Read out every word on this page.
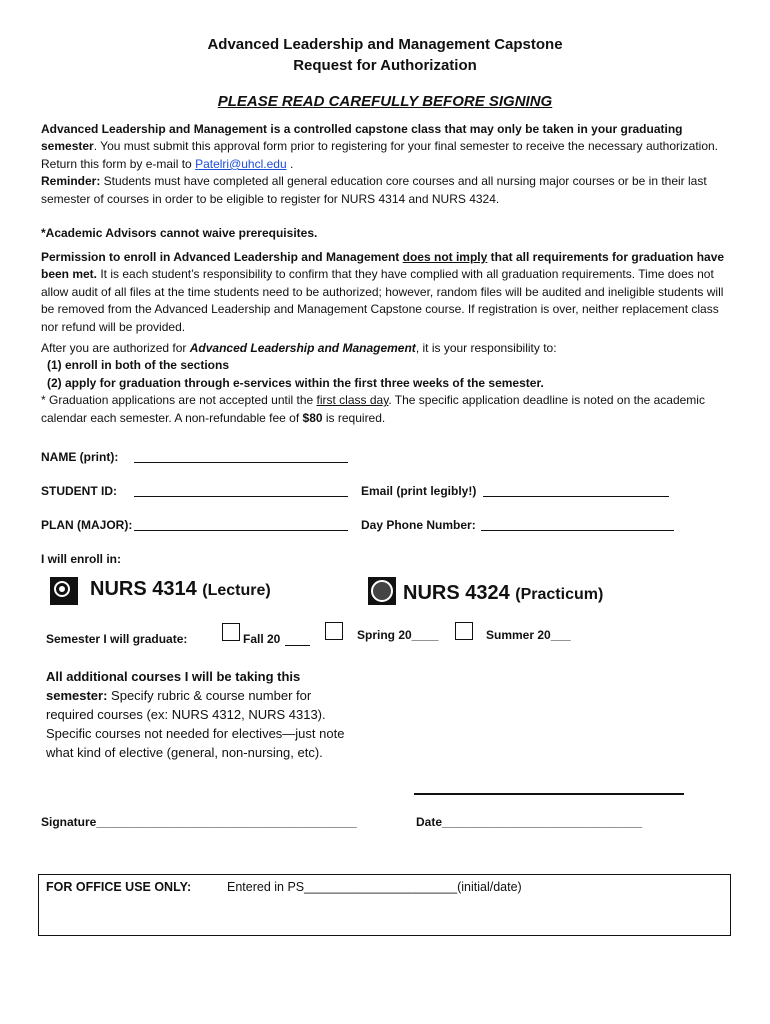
Advanced Leadership and Management Capstone
Request for Authorization
PLEASE READ CAREFULLY BEFORE SIGNING
Advanced Leadership and Management is a controlled capstone class that may only be taken in your graduating semester. You must submit this approval form prior to registering for your final semester to receive the necessary authorization. Return this form by e-mail to Patelri@uhcl.edu .
Reminder: Students must have completed all general education core courses and all nursing major courses or be in their last semester of courses in order to be eligible to register for NURS 4314 and NURS 4324.
*Academic Advisors cannot waive prerequisites.
Permission to enroll in Advanced Leadership and Management does not imply that all requirements for graduation have been met. It is each student’s responsibility to confirm that they have complied with all graduation requirements. Time does not allow audit of all files at the time students need to be authorized; however, random files will be audited and ineligible students will be removed from the Advanced Leadership and Management Capstone course. If registration is over, neither replacement class nor refund will be provided.
After you are authorized for Advanced Leadership and Management, it is your responsibility to:
(1) enroll in both of the sections
(2) apply for graduation through e-services within the first three weeks of the semester.
* Graduation applications are not accepted until the first class day. The specific application deadline is noted on the academic calendar each semester. A non-refundable fee of $80 is required.
NAME (print):
STUDENT ID:	Email (print legibly!)
PLAN (MAJOR):	Day Phone Number:
I will enroll in:
NURS 4314 (Lecture)	NURS 4324 (Practicum)
Semester I will graduate:	Fall 20	Spring 20____	Summer 20___
All additional courses I will be taking this semester: Specify rubric & course number for required courses (ex: NURS 4312, NURS 4313). Specific courses not needed for electives—just note what kind of elective (general, non-nursing, etc).
Signature_______________________________________	Date______________________________
FOR OFFICE USE ONLY:	Entered in PS______________________(initial/date)
